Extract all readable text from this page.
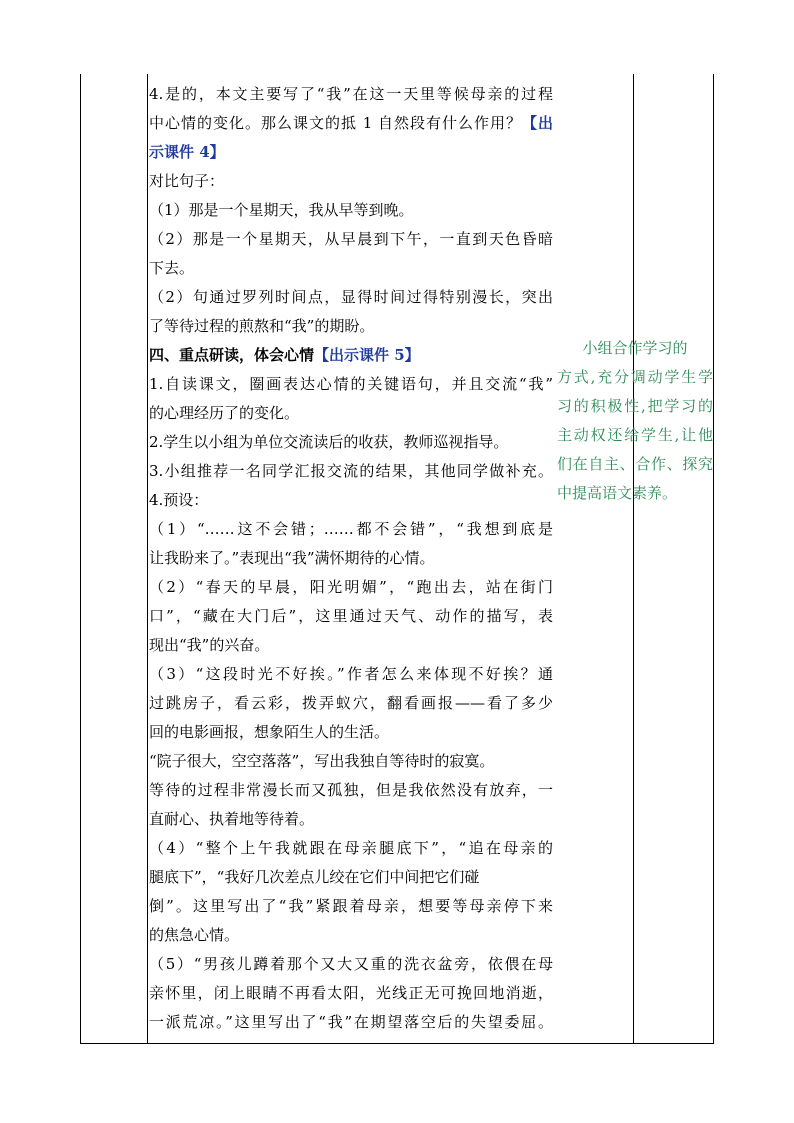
4.是的，本文主要写了“我”在这一天里等候母亲的过程
中心情的变化。那么课文的抵 1 自然段有什么作用？【出
示课件 4】
对比句子：
（1）那是一个星期天，我从早等到晚。
（2）那是一个星期天，从早晨到下午，一直到天色昏暗
下去。
（2）句通过罗列时间点，显得时间过得特别漫长，突出
了等待过程的煎熬和“我”的期盼。
四、重点研读，体会心情【出示课件 5】
1.自读课文，圈画表达心情的关键语句，并且交流“我”
的心理经历了的变化。
2.学生以小组为单位交流读后的收获，教师巡视指导。
3.小组推荐一名同学汇报交流的结果，其他同学做补充。
4.预设：
（1）“……这不会错；……都不会错”，“我想到底是
让我盼来了。”表现出“我”满怀期待的心情。
（2）“春天的早晨，阳光明媚”，“跑出去，站在街门
口”，“藏在大门后”，这里通过天气、动作的描写，表
现出“我”的兴奋。
（3）“这段时光不好挨。”作者怎么来体现不好挨？通
过跳房子，看云彩，拨弄蚁穴，翻看画报——看了多少
回的电影画报，想象陌生人的生活。
“院子很大，空空落落”，写出我独自等待时的寂寞。
等待的过程非常漫长而又孤独，但是我依然没有放弃，一
直耐心、执着地等待着。
（4）“整个上午我就跟在母亲腿底下”，“追在母亲的
腿底下”，“我好几次差点儿绞在它们中间把它们碰
倒”。这里写出了“我”紧跟着母亲，想要等母亲停下来
的焦急心情。
（5）“男孩儿蹲着那个又大又重的洗衣盆旁，依偎在母
亲怀里，闭上眼睛不再看太阳，光线正无可挽回地消逝，
一派荒凉。”这里写出了“我”在期望落空后的失望委屈。
小组合作学习的
方式,充分调动学生学
习的积极性,把学习的
主动权还给学生,让他
们在自主、合作、探究
中提高语文素养。
